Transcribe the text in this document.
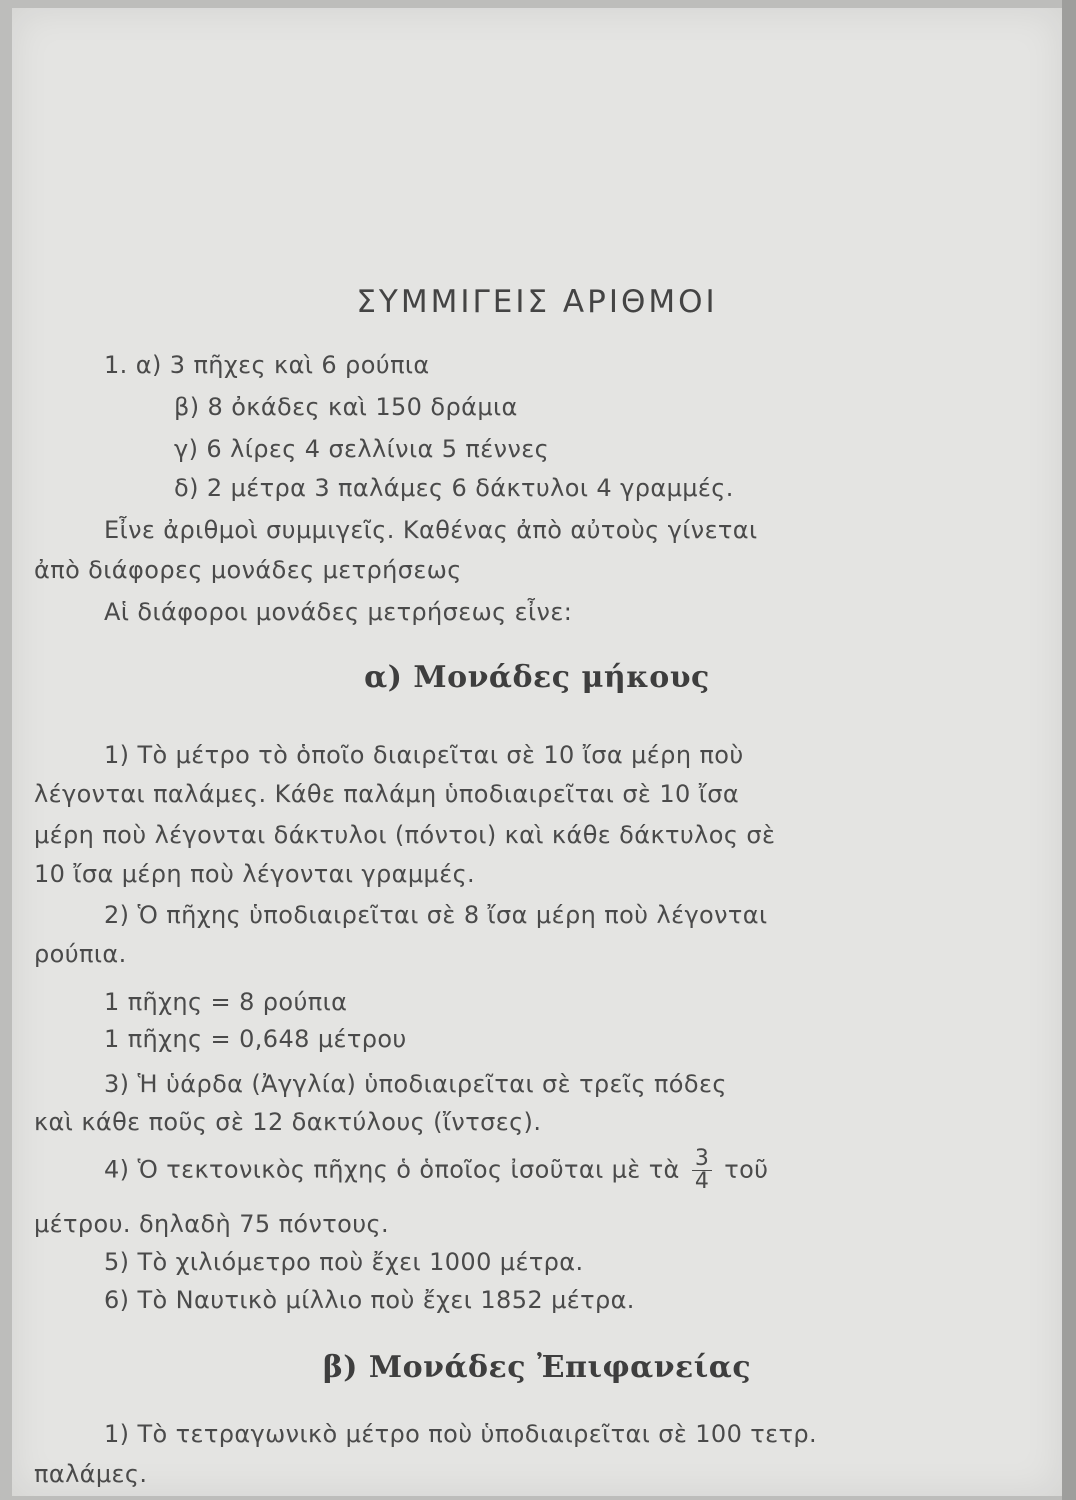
ΣΥΜΜΙΓΕΙΣ ΑΡΙΘΜΟΙ
1. α) 3 πῆχες καὶ 6 ρούπια
β) 8 ὀκάδες καὶ 150 δράμια
γ) 6 λίρες 4 σελλίνια 5 πέννες
δ) 2 μέτρα 3 παλάμες 6 δάκτυλοι 4 γραμμές.
Εἶνε ἀριθμοὶ συμμιγεῖς. Καθένας ἀπὸ αὐτοὺς γίνεται
ἀπὸ διάφορες μονάδες μετρήσεως
Αἱ διάφοροι μονάδες μετρήσεως εἶνε:
α) Μονάδες μήκους
1) Τὸ μέτρο τὸ ὁποῖο διαιρεῖται σὲ 10 ἴσα μέρη ποὺ
λέγονται παλάμες. Κάθε παλάμη ὑποδιαιρεῖται σὲ 10 ἴσα
μέρη ποὺ λέγονται δάκτυλοι (πόντοι) καὶ κάθε δάκτυλος σὲ
10 ἴσα μέρη ποὺ λέγονται γραμμές.
2) Ὁ πῆχης ὑποδιαιρεῖται σὲ 8 ἴσα μέρη ποὺ λέγονται
ρούπια.
1 πῆχης = 8 ρούπια
1 πῆχης = 0,648 μέτρου
3) Ἡ ὑάρδα (Ἀγγλία) ὑποδιαιρεῖται σὲ τρεῖς πόδες
καὶ κάθε ποῦς σὲ 12 δακτύλους (ἴντσες).
4) Ὁ τεκτονικὸς πῆχης ὁ ὁποῖος ἰσοῦται μὲ τὰ $\frac{3}{4}$ τοῦ
μέτρου. δηλαδὴ 75 πόντους.
5) Τὸ χιλιόμετρο ποὺ ἔχει 1000 μέτρα.
6) Τὸ Ναυτικὸ μίλλιο ποὺ ἔχει 1852 μέτρα.
β) Μονάδες Ἐπιφανείας
1) Τὸ τετραγωνικὸ μέτρο ποὺ ὑποδιαιρεῖται σὲ 100 τετρ.
παλάμες.
